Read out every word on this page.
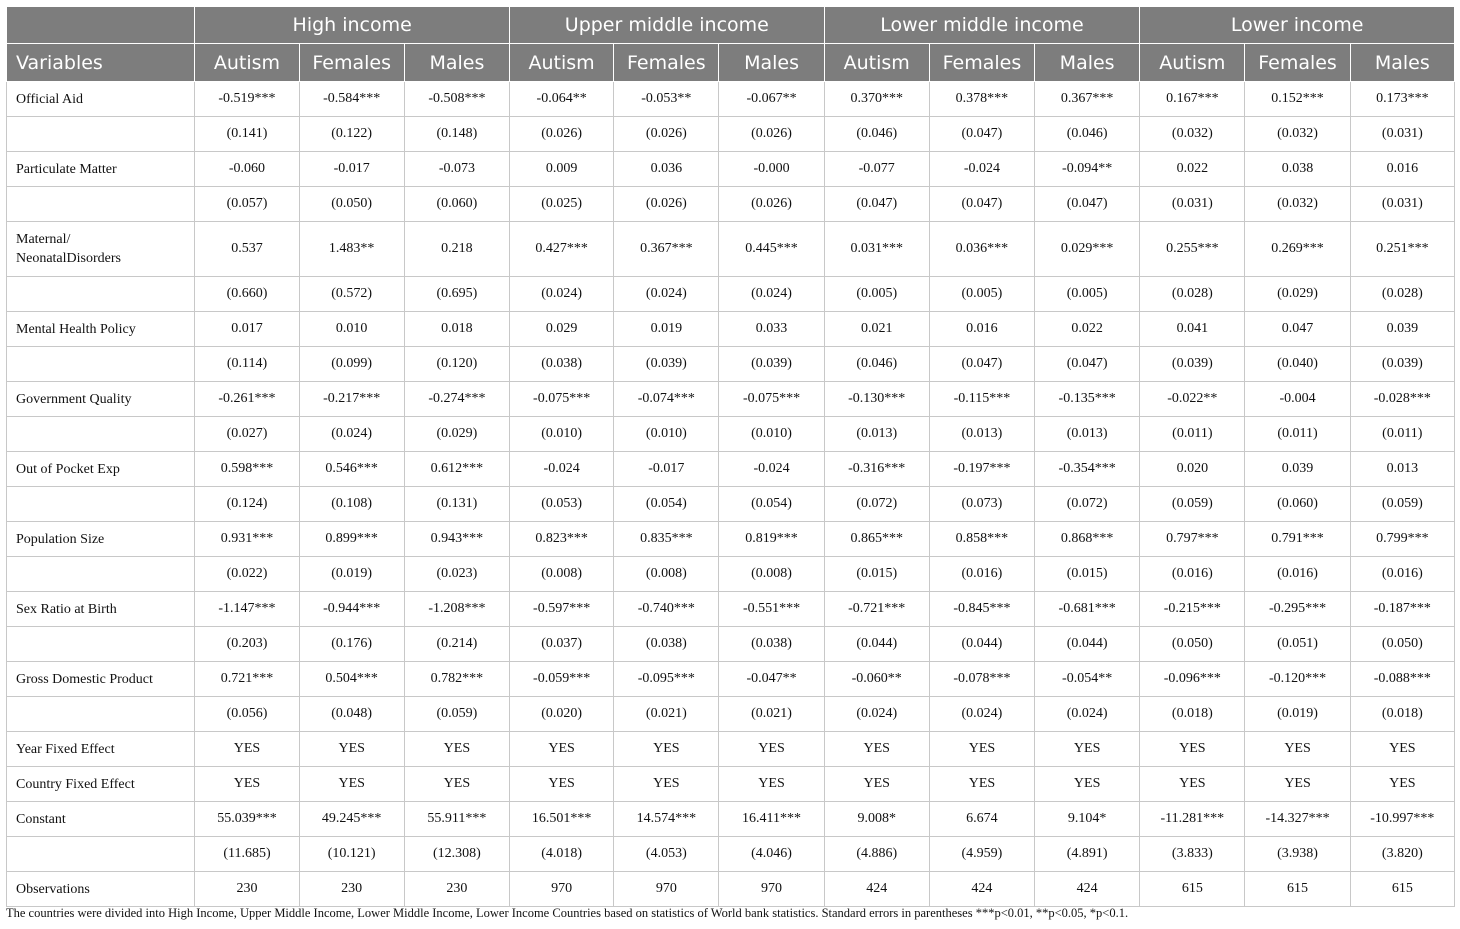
	High income			Upper middle income			Lower middle income			Lower income		
Variables	Autism	Females	Males	Autism	Females	Males	Autism	Females	Males	Autism	Females	Males
Official Aid	-0.519***	-0.584***	-0.508***	-0.064**	-0.053**	-0.067**	0.370***	0.378***	0.367***	0.167***	0.152***	0.173***
	(0.141)	(0.122)	(0.148)	(0.026)	(0.026)	(0.026)	(0.046)	(0.047)	(0.046)	(0.032)	(0.032)	(0.031)
Particulate Matter	-0.060	-0.017	-0.073	0.009	0.036	-0.000	-0.077	-0.024	-0.094**	0.022	0.038	0.016
	(0.057)	(0.050)	(0.060)	(0.025)	(0.026)	(0.026)	(0.047)	(0.047)	(0.047)	(0.031)	(0.032)	(0.031)
Maternal/
NeonatalDisorders	0.537	1.483**	0.218	0.427***	0.367***	0.445***	0.031***	0.036***	0.029***	0.255***	0.269***	0.251***
	(0.660)	(0.572)	(0.695)	(0.024)	(0.024)	(0.024)	(0.005)	(0.005)	(0.005)	(0.028)	(0.029)	(0.028)
Mental Health Policy	0.017	0.010	0.018	0.029	0.019	0.033	0.021	0.016	0.022	0.041	0.047	0.039
	(0.114)	(0.099)	(0.120)	(0.038)	(0.039)	(0.039)	(0.046)	(0.047)	(0.047)	(0.039)	(0.040)	(0.039)
Government Quality	-0.261***	-0.217***	-0.274***	-0.075***	-0.074***	-0.075***	-0.130***	-0.115***	-0.135***	-0.022**	-0.004	-0.028***
	(0.027)	(0.024)	(0.029)	(0.010)	(0.010)	(0.010)	(0.013)	(0.013)	(0.013)	(0.011)	(0.011)	(0.011)
Out of Pocket Exp	0.598***	0.546***	0.612***	-0.024	-0.017	-0.024	-0.316***	-0.197***	-0.354***	0.020	0.039	0.013
	(0.124)	(0.108)	(0.131)	(0.053)	(0.054)	(0.054)	(0.072)	(0.073)	(0.072)	(0.059)	(0.060)	(0.059)
Population Size	0.931***	0.899***	0.943***	0.823***	0.835***	0.819***	0.865***	0.858***	0.868***	0.797***	0.791***	0.799***
	(0.022)	(0.019)	(0.023)	(0.008)	(0.008)	(0.008)	(0.015)	(0.016)	(0.015)	(0.016)	(0.016)	(0.016)
Sex Ratio at Birth	-1.147***	-0.944***	-1.208***	-0.597***	-0.740***	-0.551***	-0.721***	-0.845***	-0.681***	-0.215***	-0.295***	-0.187***
	(0.203)	(0.176)	(0.214)	(0.037)	(0.038)	(0.038)	(0.044)	(0.044)	(0.044)	(0.050)	(0.051)	(0.050)
Gross Domestic Product	0.721***	0.504***	0.782***	-0.059***	-0.095***	-0.047**	-0.060**	-0.078***	-0.054**	-0.096***	-0.120***	-0.088***
	(0.056)	(0.048)	(0.059)	(0.020)	(0.021)	(0.021)	(0.024)	(0.024)	(0.024)	(0.018)	(0.019)	(0.018)
Year Fixed Effect	YES	YES	YES	YES	YES	YES	YES	YES	YES	YES	YES	YES
Country Fixed Effect	YES	YES	YES	YES	YES	YES	YES	YES	YES	YES	YES	YES
Constant	55.039***	49.245***	55.911***	16.501***	14.574***	16.411***	9.008*	6.674	9.104*	-11.281***	-14.327***	-10.997***
	(11.685)	(10.121)	(12.308)	(4.018)	(4.053)	(4.046)	(4.886)	(4.959)	(4.891)	(3.833)	(3.938)	(3.820)
Observations	230	230	230	970	970	970	424	424	424	615	615	615
The countries were divided into High Income, Upper Middle Income, Lower Middle Income, Lower Income Countries based on statistics of World bank statistics. Standard errors in parentheses ***p<0.01, **p<0.05, *p<0.1.
